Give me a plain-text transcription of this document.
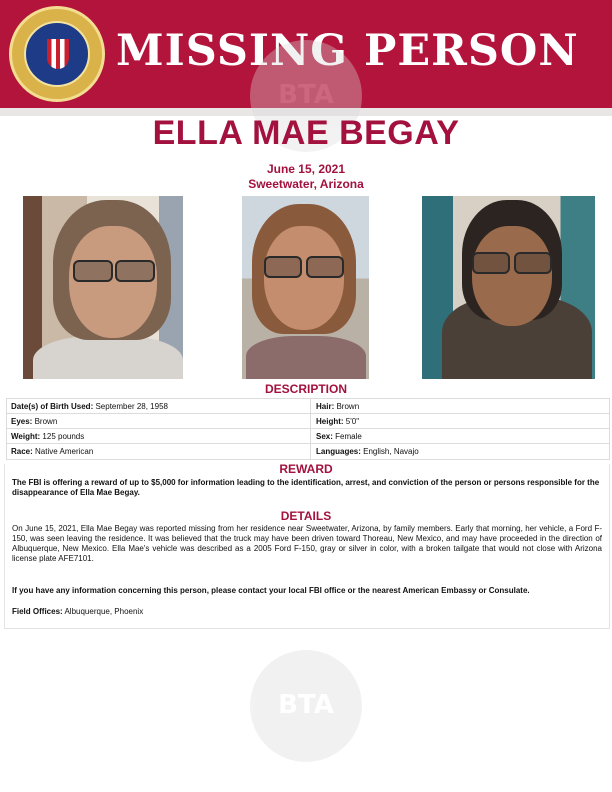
MISSING PERSON
BTA
BTA
ELLA MAE BEGAY
June 15, 2021
Sweetwater, Arizona
DESCRIPTION
Date(s) of Birth Used: September 28, 1958	Hair: Brown
Eyes: Brown	Height: 5'0"
Weight: 125 pounds	Sex: Female
Race: Native American	Languages: English, Navajo
REWARD
The FBI is offering a reward of up to $5,000 for information leading to the identification, arrest, and conviction of the person or persons responsible for the disappearance of Ella Mae Begay.
DETAILS
On June 15, 2021, Ella Mae Begay was reported missing from her residence near Sweetwater, Arizona, by family members. Early that morning, her vehicle, a Ford F-150, was seen leaving the residence. It was believed that the truck may have been driven toward Thoreau, New Mexico, and may have proceeded in the direction of Albuquerque, New Mexico. Ella Mae's vehicle was described as a 2005 Ford F-150, gray or silver in color, with a broken tailgate that would not close with Arizona license plate AFE7101.
If you have any information concerning this person, please contact your local FBI office or the nearest American Embassy or Consulate.
Field Offices: Albuquerque, Phoenix
